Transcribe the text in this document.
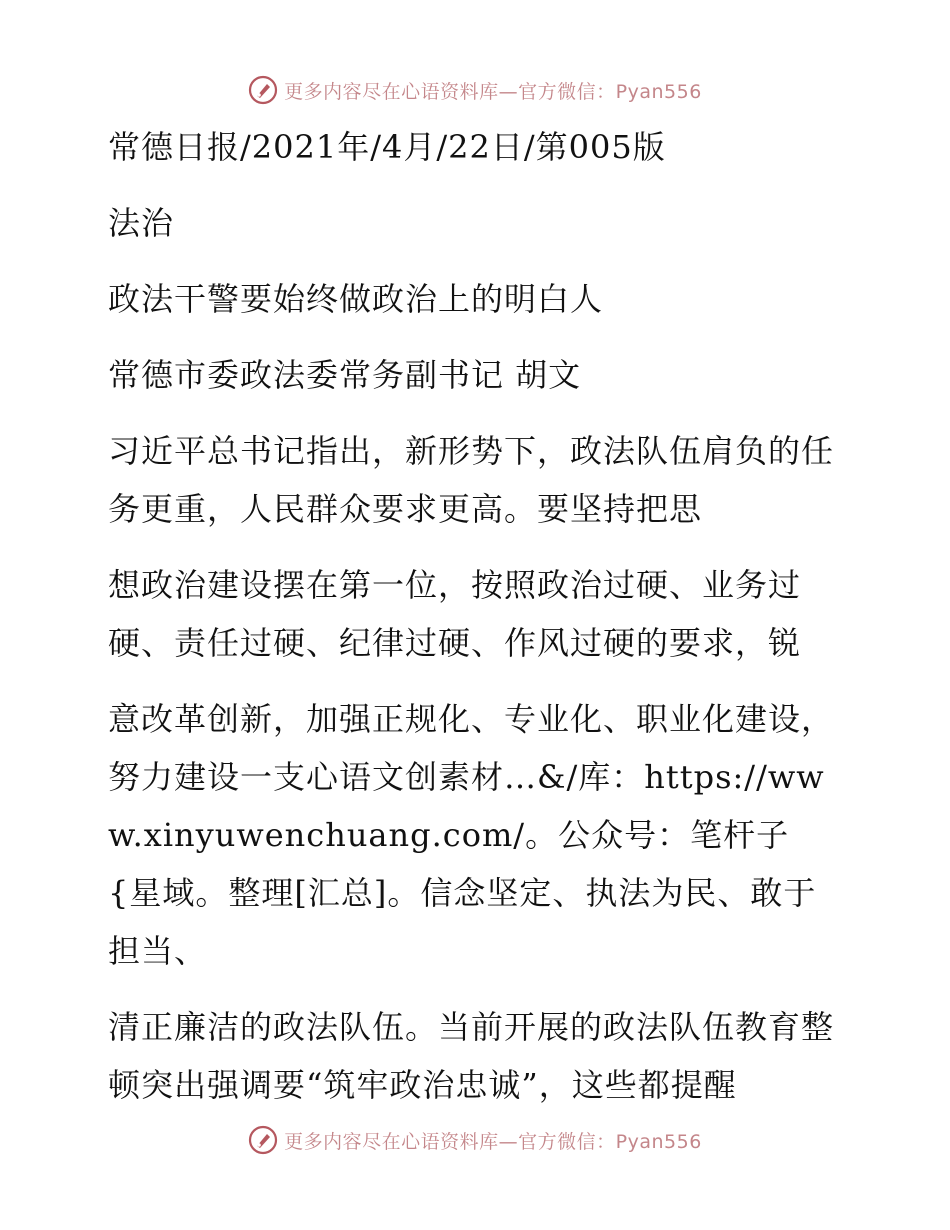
更多内容尽在心语资料库—官方微信：Pyan556

常德日报/2021年/4月/22日/第005版

法治

政法干警要始终做政治上的明白人

常德市委政法委常务副书记 胡文

习近平总书记指出，新形势下，政法队伍肩负的任务更重，人民群众要求更高。要坚持把思

想政治建设摆在第一位，按照政治过硬、业务过硬、责任过硬、纪律过硬、作风过硬的要求，锐

意改革创新，加强正规化、专业化、职业化建设，努力建设一支心语文创素材…&/库：https://www.xinyuwenchuang.com/。公众号：笔杆子{星域。整理[汇总]。信念坚定、执法为民、敢于担当、

清正廉洁的政法队伍。当前开展的政法队伍教育整顿突出强调要“筑牢政治忠诚”，这些都提醒

更多内容尽在心语资料库—官方微信：Pyan556
